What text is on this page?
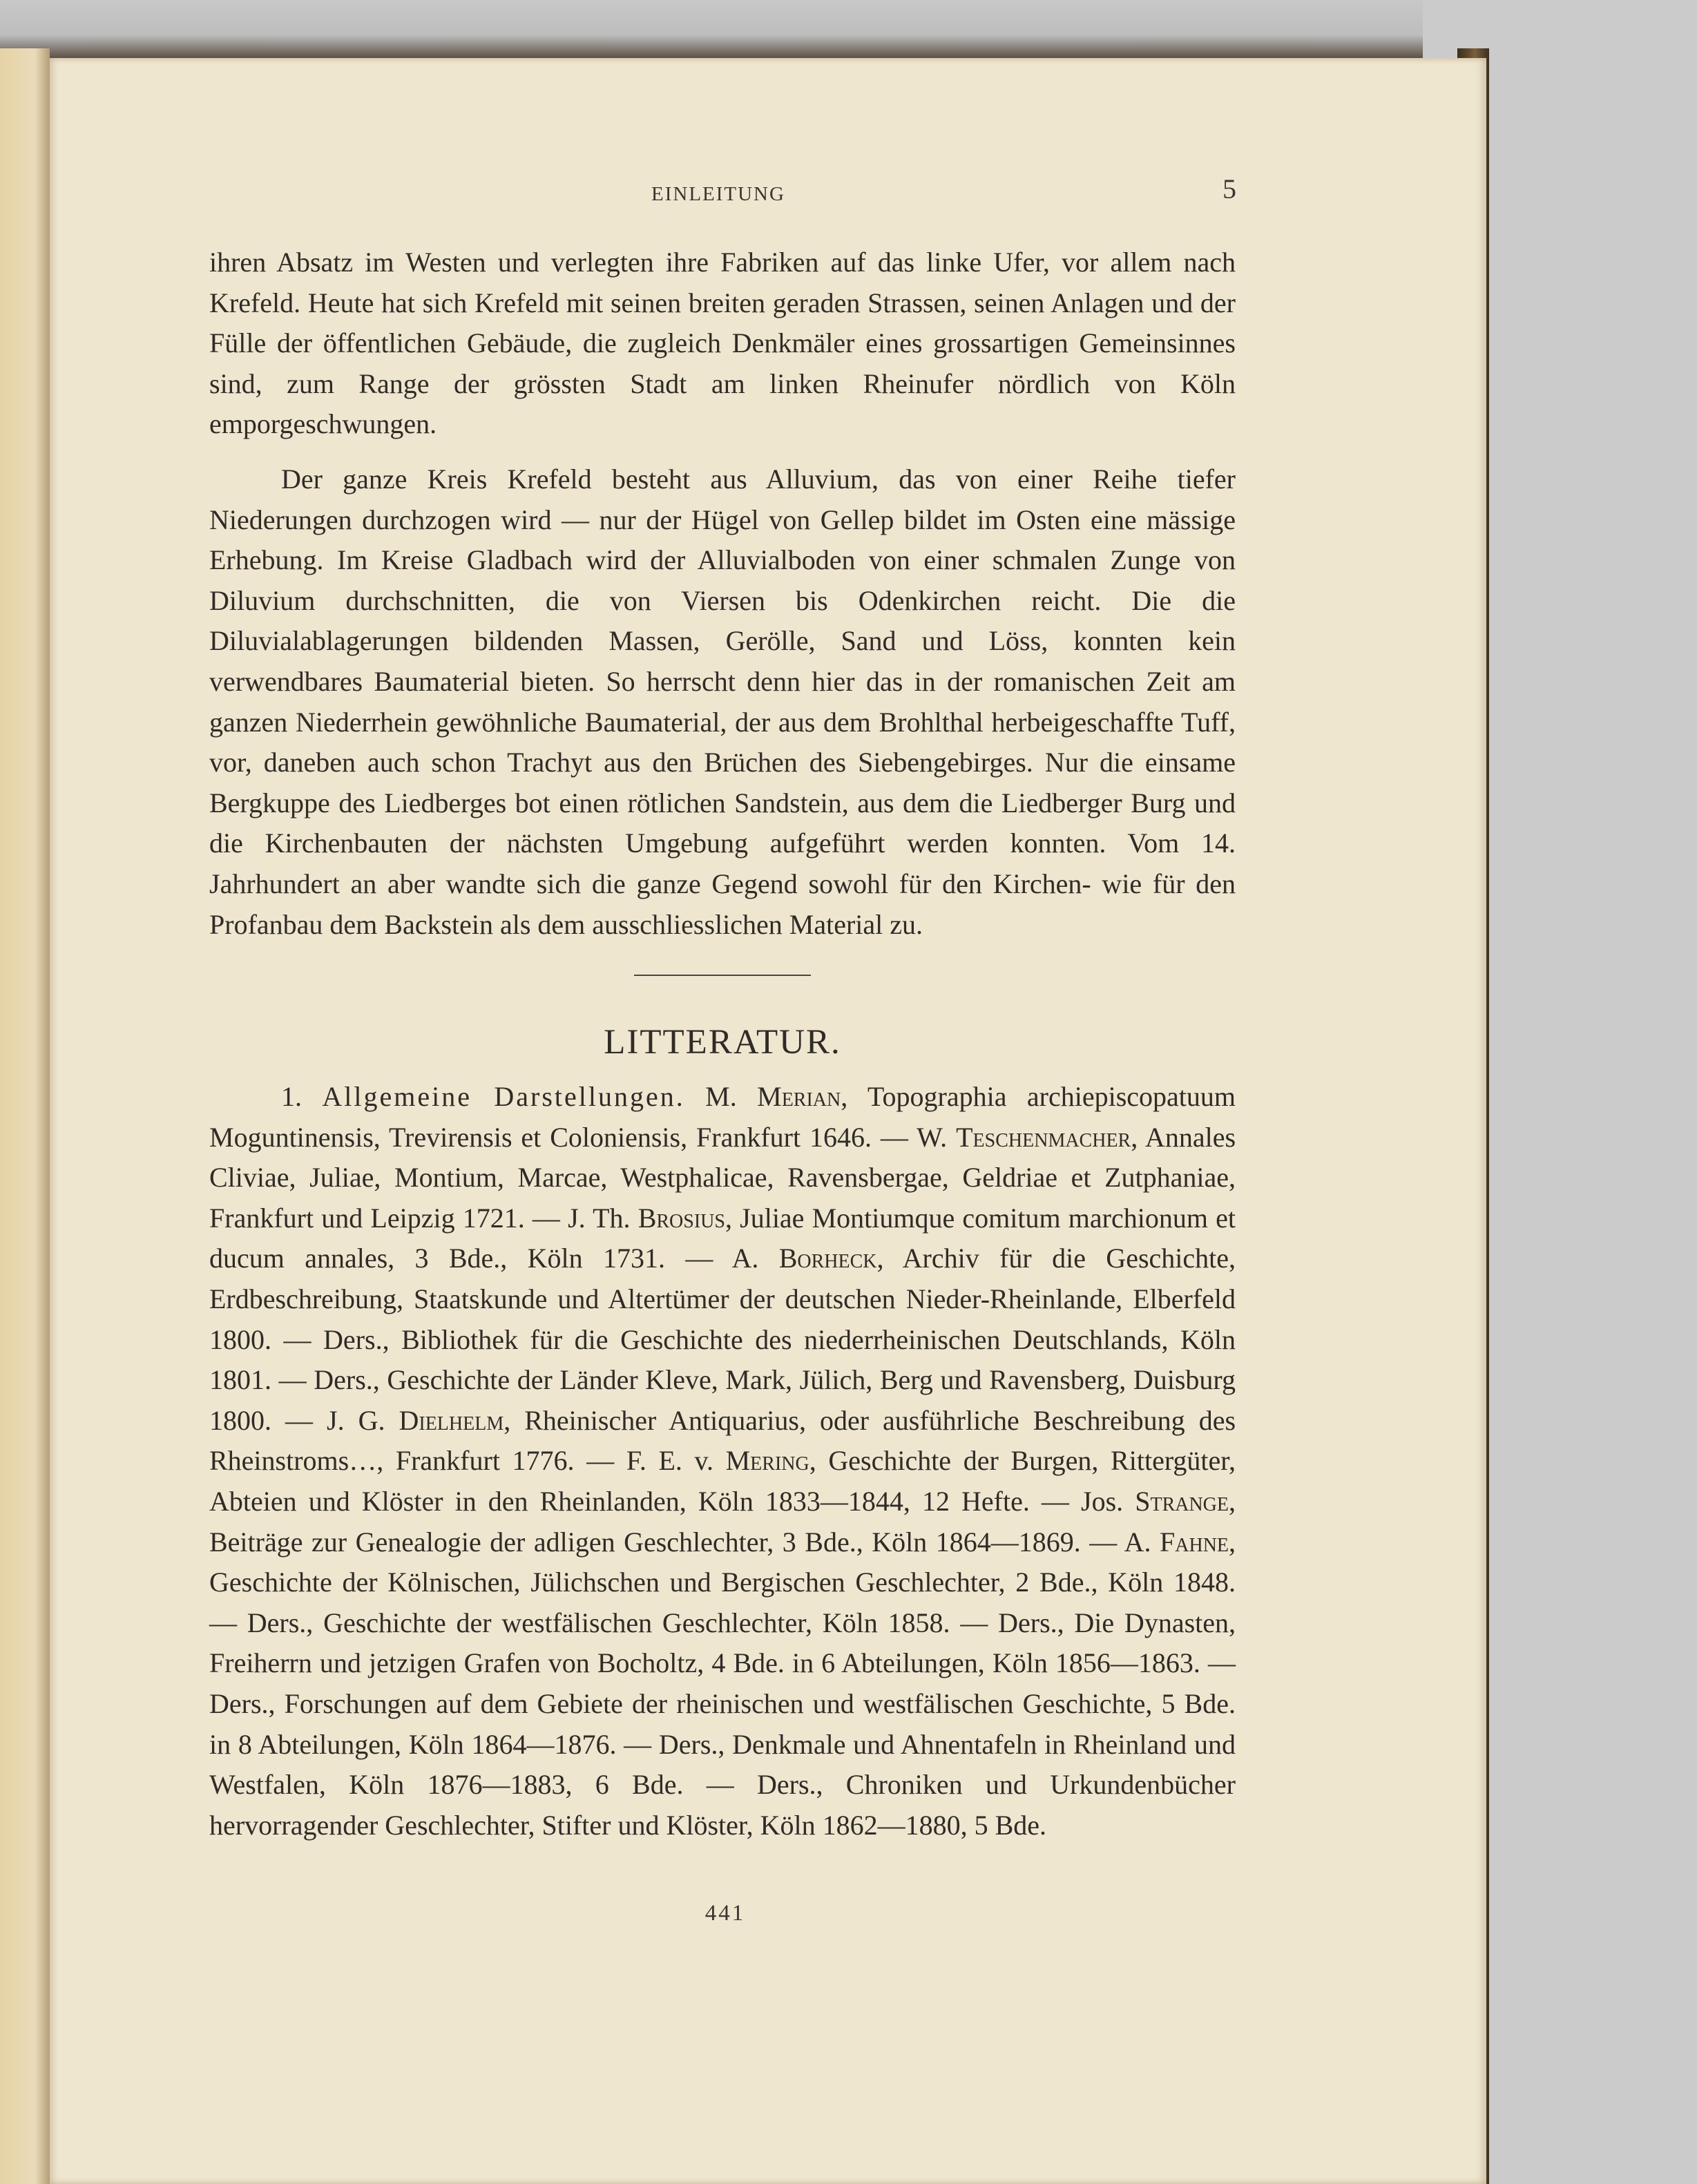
EINLEITUNG	5

ihren Absatz im Westen und verlegten ihre Fabriken auf das linke Ufer, vor allem nach Krefeld. Heute hat sich Krefeld mit seinen breiten geraden Strassen, seinen Anlagen und der Fülle der öffentlichen Gebäude, die zugleich Denkmäler eines grossartigen Gemeinsinnes sind, zum Range der grössten Stadt am linken Rheinufer nördlich von Köln emporgeschwungen.

Der ganze Kreis Krefeld besteht aus Alluvium, das von einer Reihe tiefer Niederungen durchzogen wird — nur der Hügel von Gellep bildet im Osten eine mässige Erhebung. Im Kreise Gladbach wird der Alluvialboden von einer schmalen Zunge von Diluvium durchschnitten, die von Viersen bis Odenkirchen reicht. Die die Diluvialablagerungen bildenden Massen, Gerölle, Sand und Löss, konnten kein verwendbares Baumaterial bieten. So herrscht denn hier das in der romanischen Zeit am ganzen Niederrhein gewöhnliche Baumaterial, der aus dem Brohlthal herbeigeschaffte Tuff, vor, daneben auch schon Trachyt aus den Brüchen des Siebengebirges. Nur die einsame Bergkuppe des Liedberges bot einen rötlichen Sandstein, aus dem die Liedberger Burg und die Kirchenbauten der nächsten Umgebung aufgeführt werden konnten. Vom 14. Jahrhundert an aber wandte sich die ganze Gegend sowohl für den Kirchen- wie für den Profanbau dem Backstein als dem ausschliesslichen Material zu.

LITTERATUR.

1. Allgemeine Darstellungen. M. Merian, Topographia archiepiscopatuum Moguntinensis, Trevirensis et Coloniensis, Frankfurt 1646. — W. Teschenmacher, Annales Cliviae, Juliae, Montium, Marcae, Westphalicae, Ravensbergae, Geldriae et Zutphaniae, Frankfurt und Leipzig 1721. — J. Th. Brosius, Juliae Montiumque comitum marchionum et ducum annales, 3 Bde., Köln 1731. — A. Borheck, Archiv für die Geschichte, Erdbeschreibung, Staatskunde und Altertümer der deutschen Nieder-Rheinlande, Elberfeld 1800. — Ders., Bibliothek für die Geschichte des niederrheinischen Deutschlands, Köln 1801. — Ders., Geschichte der Länder Kleve, Mark, Jülich, Berg und Ravensberg, Duisburg 1800. — J. G. Dielhelm, Rheinischer Antiquarius, oder ausführliche Beschreibung des Rheinstroms…, Frankfurt 1776. — F. E. v. Mering, Geschichte der Burgen, Rittergüter, Abteien und Klöster in den Rheinlanden, Köln 1833—1844, 12 Hefte. — Jos. Strange, Beiträge zur Genealogie der adligen Geschlechter, 3 Bde., Köln 1864—1869. — A. Fahne, Geschichte der Kölnischen, Jülichschen und Bergischen Geschlechter, 2 Bde., Köln 1848. — Ders., Geschichte der westfälischen Geschlechter, Köln 1858. — Ders., Die Dynasten, Freiherrn und jetzigen Grafen von Bocholtz, 4 Bde. in 6 Abteilungen, Köln 1856—1863. — Ders., Forschungen auf dem Gebiete der rheinischen und westfälischen Geschichte, 5 Bde. in 8 Abteilungen, Köln 1864—1876. — Ders., Denkmale und Ahnentafeln in Rheinland und Westfalen, Köln 1876—1883, 6 Bde. — Ders., Chroniken und Urkundenbücher hervorragender Geschlechter, Stifter und Klöster, Köln 1862—1880, 5 Bde.

441
